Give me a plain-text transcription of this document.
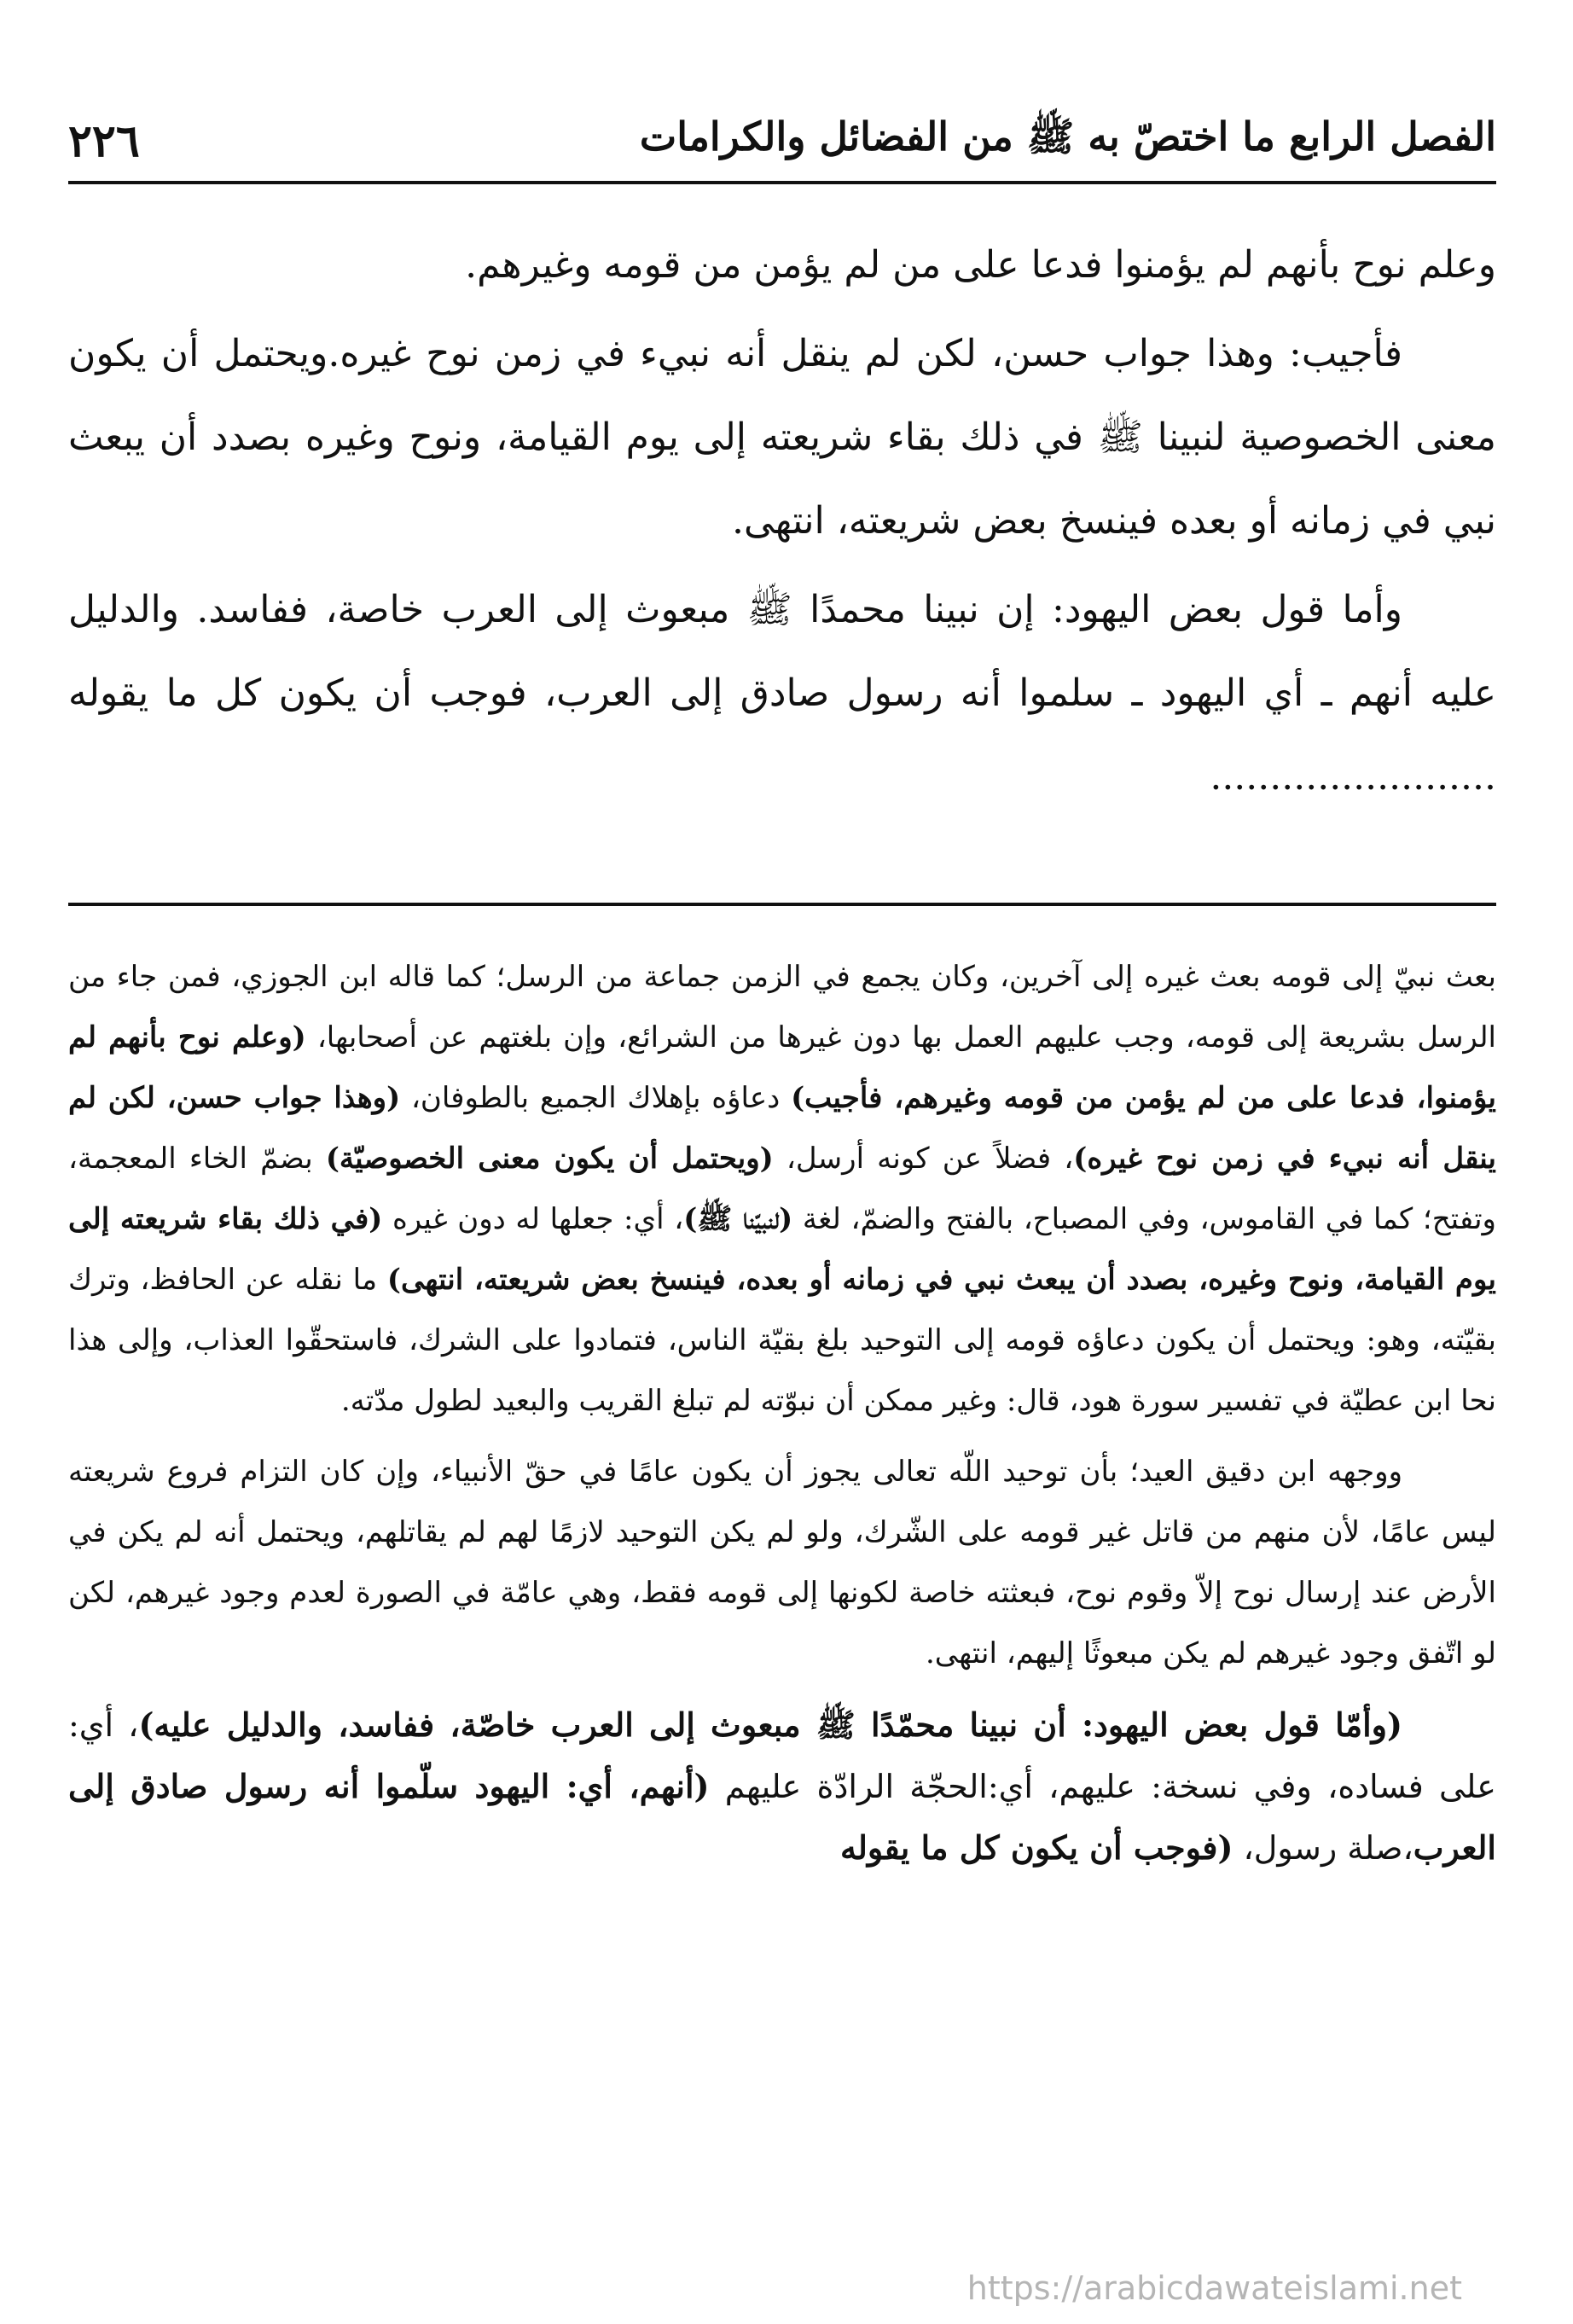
٢٢٦	الفصل الرابع ما اختصّ به ﷺ من الفضائل والكرامات

وعلم نوح بأنهم لم يؤمنوا فدعا على من لم يؤمن من قومه وغيرهم.

فأجيب: وهذا جواب حسن، لكن لم ينقل أنه نبيء في زمن نوح غيره.ويحتمل أن يكون معنى الخصوصية لنبينا ﷺ في ذلك بقاء شريعته إلى يوم القيامة، ونوح وغيره بصدد أن يبعث نبي في زمانه أو بعده فينسخ بعض شريعته، انتهى.

وأما قول بعض اليهود: إن نبينا محمدًا ﷺ مبعوث إلى العرب خاصة، ففاسد. والدليل عليه أنهم ـ أي اليهود ـ سلموا أنه رسول صادق إلى العرب، فوجب أن يكون كل ما يقوله ........................

بعث نبيّ إلى قومه بعث غيره إلى آخرين، وكان يجمع في الزمن جماعة من الرسل؛ كما قاله ابن الجوزي، فمن جاء من الرسل بشريعة إلى قومه، وجب عليهم العمل بها دون غيرها من الشرائع، وإن بلغتهم عن أصحابها، (وعلم نوح بأنهم لم يؤمنوا، فدعا على من لم يؤمن من قومه وغيرهم، فأجيب) دعاؤه بإهلاك الجميع بالطوفان، (وهذا جواب حسن، لكن لم ينقل أنه نبيء في زمن نوح غيره)، فضلاً عن كونه أرسل، (ويحتمل أن يكون معنى الخصوصيّة) بضمّ الخاء المعجمة، وتفتح؛ كما في القاموس، وفي المصباح، بالفتح والضمّ، لغة (لنبيّنا ﷺ)، أي: جعلها له دون غيره (في ذلك بقاء شريعته إلى يوم القيامة، ونوح وغيره، بصدد أن يبعث نبي في زمانه أو بعده، فينسخ بعض شريعته، انتهى) ما نقله عن الحافظ، وترك بقيّته، وهو: ويحتمل أن يكون دعاؤه قومه إلى التوحيد بلغ بقيّة الناس، فتمادوا على الشرك، فاستحقّوا العذاب، وإلى هذا نحا ابن عطيّة في تفسير سورة هود، قال: وغير ممكن أن نبوّته لم تبلغ القريب والبعيد لطول مدّته.

ووجهه ابن دقيق العيد؛ بأن توحيد اللّه تعالى يجوز أن يكون عامًا في حقّ الأنبياء، وإن كان التزام فروع شريعته ليس عامًا، لأن منهم من قاتل غير قومه على الشّرك، ولو لم يكن التوحيد لازمًا لهم لم يقاتلهم، ويحتمل أنه لم يكن في الأرض عند إرسال نوح إلاّ وقوم نوح، فبعثته خاصة لكونها إلى قومه فقط، وهي عامّة في الصورة لعدم وجود غيرهم، لكن لو اتّفق وجود غيرهم لم يكن مبعوثًا إليهم، انتهى.

(وأمّا قول بعض اليهود: أن نبينا محمّدًا ﷺ مبعوث إلى العرب خاصّة، ففاسد، والدليل عليه)، أي: على فساده، وفي نسخة: عليهم، أي:الحجّة الرادّة عليهم (أنهم، أي: اليهود سلّموا أنه رسول صادق إلى العرب،صلة رسول، (فوجب أن يكون كل ما يقوله

https://arabicdawateislami.net
